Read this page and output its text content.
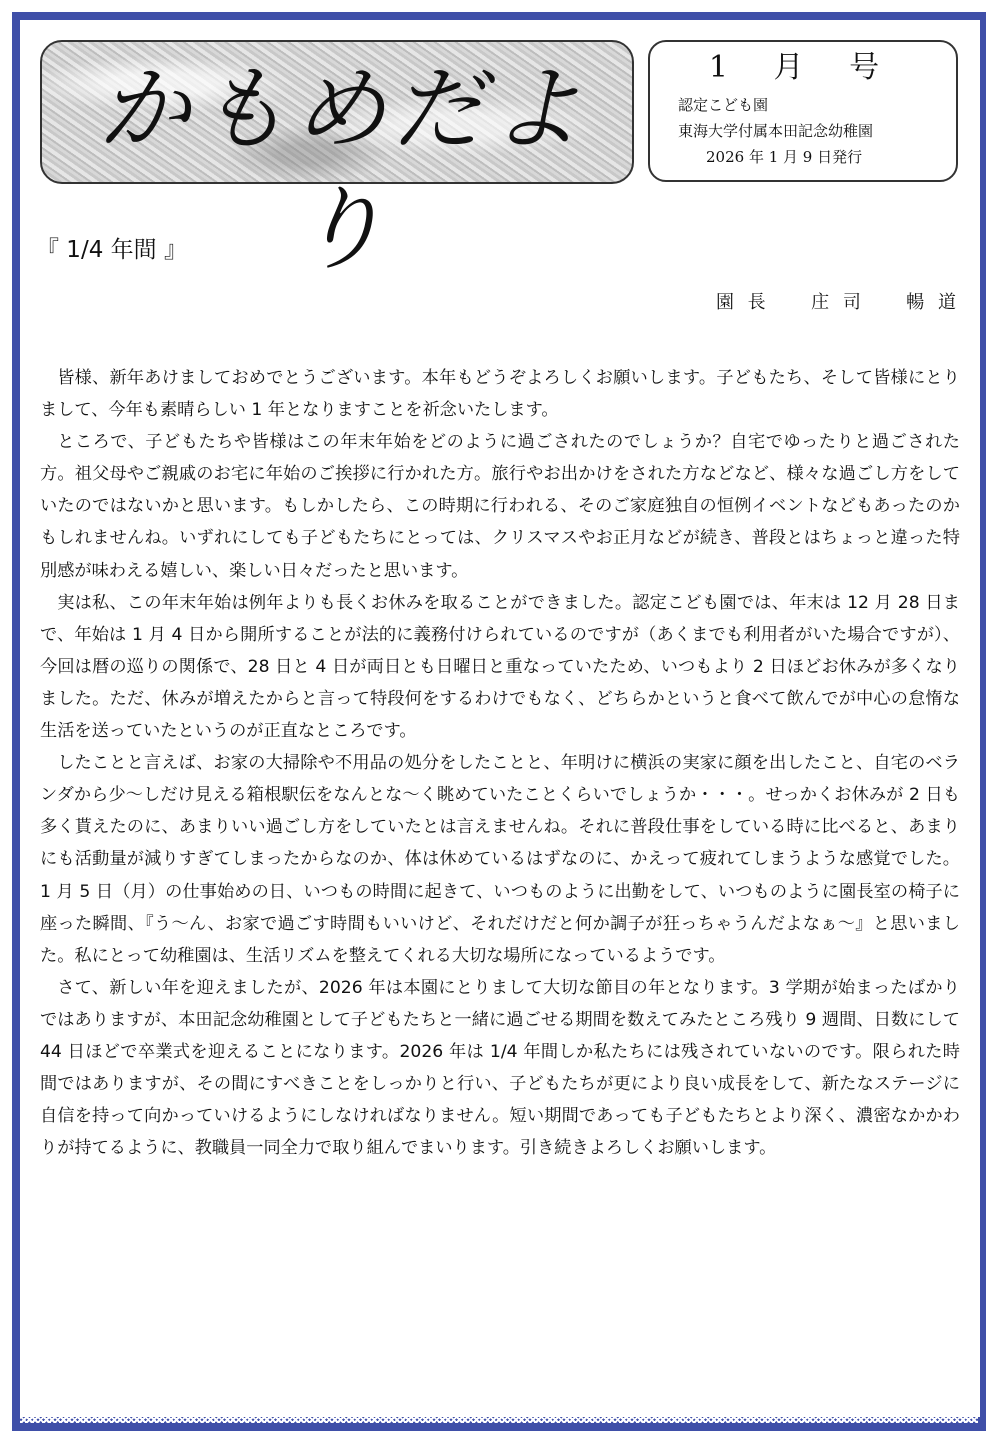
かもめだより
1 月 号
認定こども園
東海大学付属本田記念幼稚園
2026 年 1 月 9 日発行
『 1/4 年間 』
園 長 　 庄 司 　 暢 道

皆様、新年あけましておめでとうございます。本年もどうぞよろしくお願いします。子どもたち、そして皆様にとりまして、今年も素晴らしい 1 年となりますことを祈念いたします。

ところで、子どもたちや皆様はこの年末年始をどのように過ごされたのでしょうか？自宅でゆったりと過ごされた方。祖父母やご親戚のお宅に年始のご挨拶に行かれた方。旅行やお出かけをされた方などなど、様々な過ごし方をしていたのではないかと思います。もしかしたら、この時期に行われる、そのご家庭独自の恒例イベントなどもあったのかもしれませんね。いずれにしても子どもたちにとっては、クリスマスやお正月などが続き、普段とはちょっと違った特別感が味わえる嬉しい、楽しい日々だったと思います。

実は私、この年末年始は例年よりも長くお休みを取ることができました。認定こども園では、年末は 12 月 28 日まで、年始は 1 月 4 日から開所することが法的に義務付けられているのですが（あくまでも利用者がいた場合ですが）、今回は暦の巡りの関係で、28 日と 4 日が両日とも日曜日と重なっていたため、いつもより 2 日ほどお休みが多くなりました。ただ、休みが増えたからと言って特段何をするわけでもなく、どちらかというと食べて飲んでが中心の怠惰な生活を送っていたというのが正直なところです。

したことと言えば、お家の大掃除や不用品の処分をしたことと、年明けに横浜の実家に顔を出したこと、自宅のベランダから少～しだけ見える箱根駅伝をなんとな～く眺めていたことくらいでしょうか・・・。せっかくお休みが 2 日も多く貰えたのに、あまりいい過ごし方をしていたとは言えませんね。それに普段仕事をしている時に比べると、あまりにも活動量が減りすぎてしまったからなのか、体は休めているはずなのに、かえって疲れてしまうような感覚でした。1 月 5 日（月）の仕事始めの日、いつもの時間に起きて、いつものように出勤をして、いつものように園長室の椅子に座った瞬間、『う～ん、お家で過ごす時間もいいけど、それだけだと何か調子が狂っちゃうんだよなぁ～』と思いました。私にとって幼稚園は、生活リズムを整えてくれる大切な場所になっているようです。

さて、新しい年を迎えましたが、2026 年は本園にとりまして大切な節目の年となります。3 学期が始まったばかりではありますが、本田記念幼稚園として子どもたちと一緒に過ごせる期間を数えてみたところ残り 9 週間、日数にして 44 日ほどで卒業式を迎えることになります。2026 年は 1/4 年間しか私たちには残されていないのです。限られた時間ではありますが、その間にすべきことをしっかりと行い、子どもたちが更により良い成長をして、新たなステージに自信を持って向かっていけるようにしなければなりません。短い期間であっても子どもたちとより深く、濃密なかかわりが持てるように、教職員一同全力で取り組んでまいります。引き続きよろしくお願いします。
